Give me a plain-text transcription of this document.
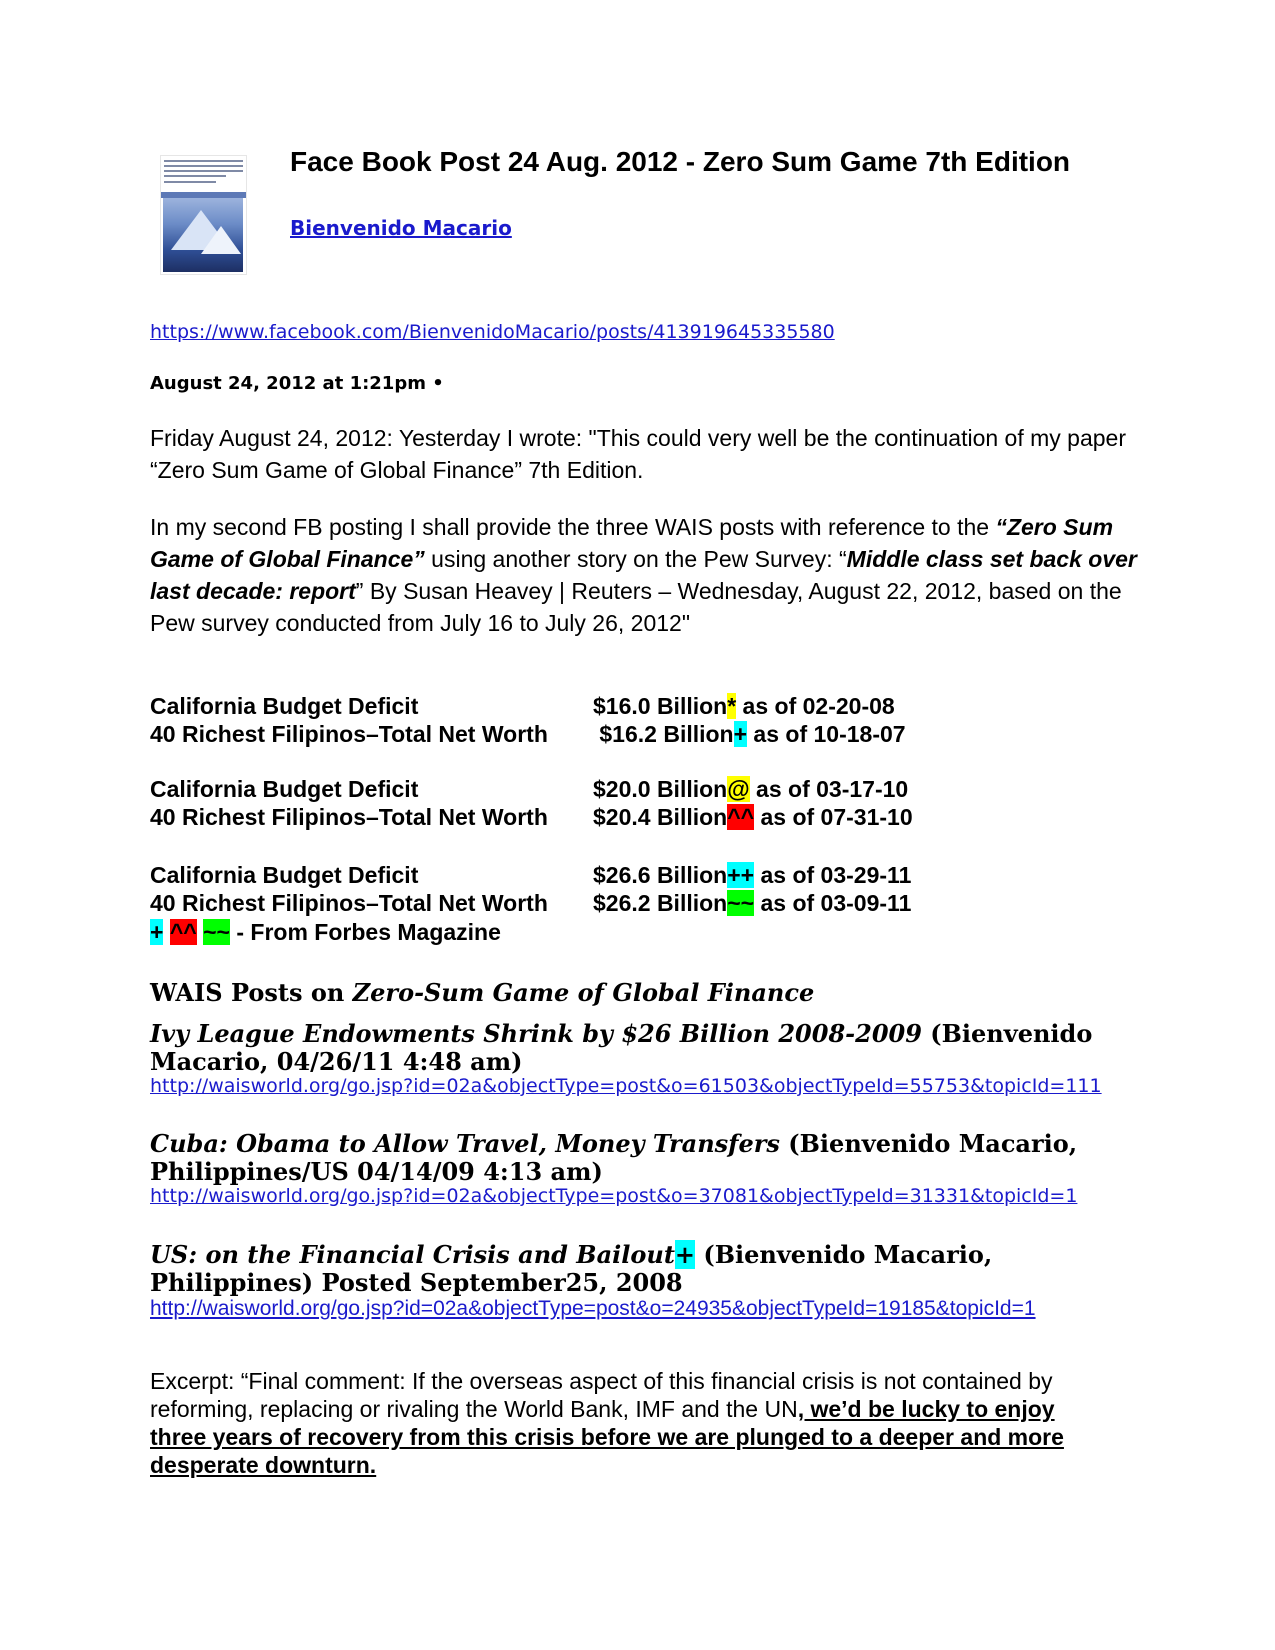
Face Book Post 24 Aug. 2012 - Zero Sum Game 7th Edition
Bienvenido Macario
https://www.facebook.com/BienvenidoMacario/posts/413919645335580
August 24, 2012 at 1:21pm •
Friday August 24, 2012: Yesterday I wrote: "This could very well be the continuation of my paper “Zero Sum Game of Global Finance” 7th Edition.
In my second FB posting I shall provide the three WAIS posts with reference to the “Zero Sum Game of Global Finance” using another story on the Pew Survey: “Middle class set back over last decade: report” By Susan Heavey | Reuters – Wednesday, August 22, 2012, based on the Pew survey conducted from July 16 to July 26, 2012"
California Budget Deficit	$16.0 Billion* as of 02-20-08
40 Richest Filipinos–Total Net Worth $16.2 Billion+ as of 10-18-07
California Budget Deficit	$20.0 Billion@ as of 03-17-10
40 Richest Filipinos–Total Net Worth $20.4 Billion^^ as of 07-31-10
California Budget Deficit	$26.6 Billion++ as of 03-29-11
40 Richest Filipinos–Total Net Worth $26.2 Billion~~ as of 03-09-11
+ ^^ ~~ - From Forbes Magazine
WAIS Posts on Zero-Sum Game of Global Finance
Ivy League Endowments Shrink by $26 Billion 2008-2009 (Bienvenido Macario, 04/26/11 4:48 am)
http://waisworld.org/go.jsp?id=02a&objectType=post&o=61503&objectTypeId=55753&topicId=111
Cuba: Obama to Allow Travel, Money Transfers (Bienvenido Macario, Philippines/US 04/14/09 4:13 am)
http://waisworld.org/go.jsp?id=02a&objectType=post&o=37081&objectTypeId=31331&topicId=1
US: on the Financial Crisis and Bailout+ (Bienvenido Macario, Philippines) Posted September25, 2008
http://waisworld.org/go.jsp?id=02a&objectType=post&o=24935&objectTypeId=19185&topicId=1
Excerpt: “Final comment: If the overseas aspect of this financial crisis is not contained by reforming, replacing or rivaling the World Bank, IMF and the UN, we’d be lucky to enjoy three years of recovery from this crisis before we are plunged to a deeper and more desperate downturn.
